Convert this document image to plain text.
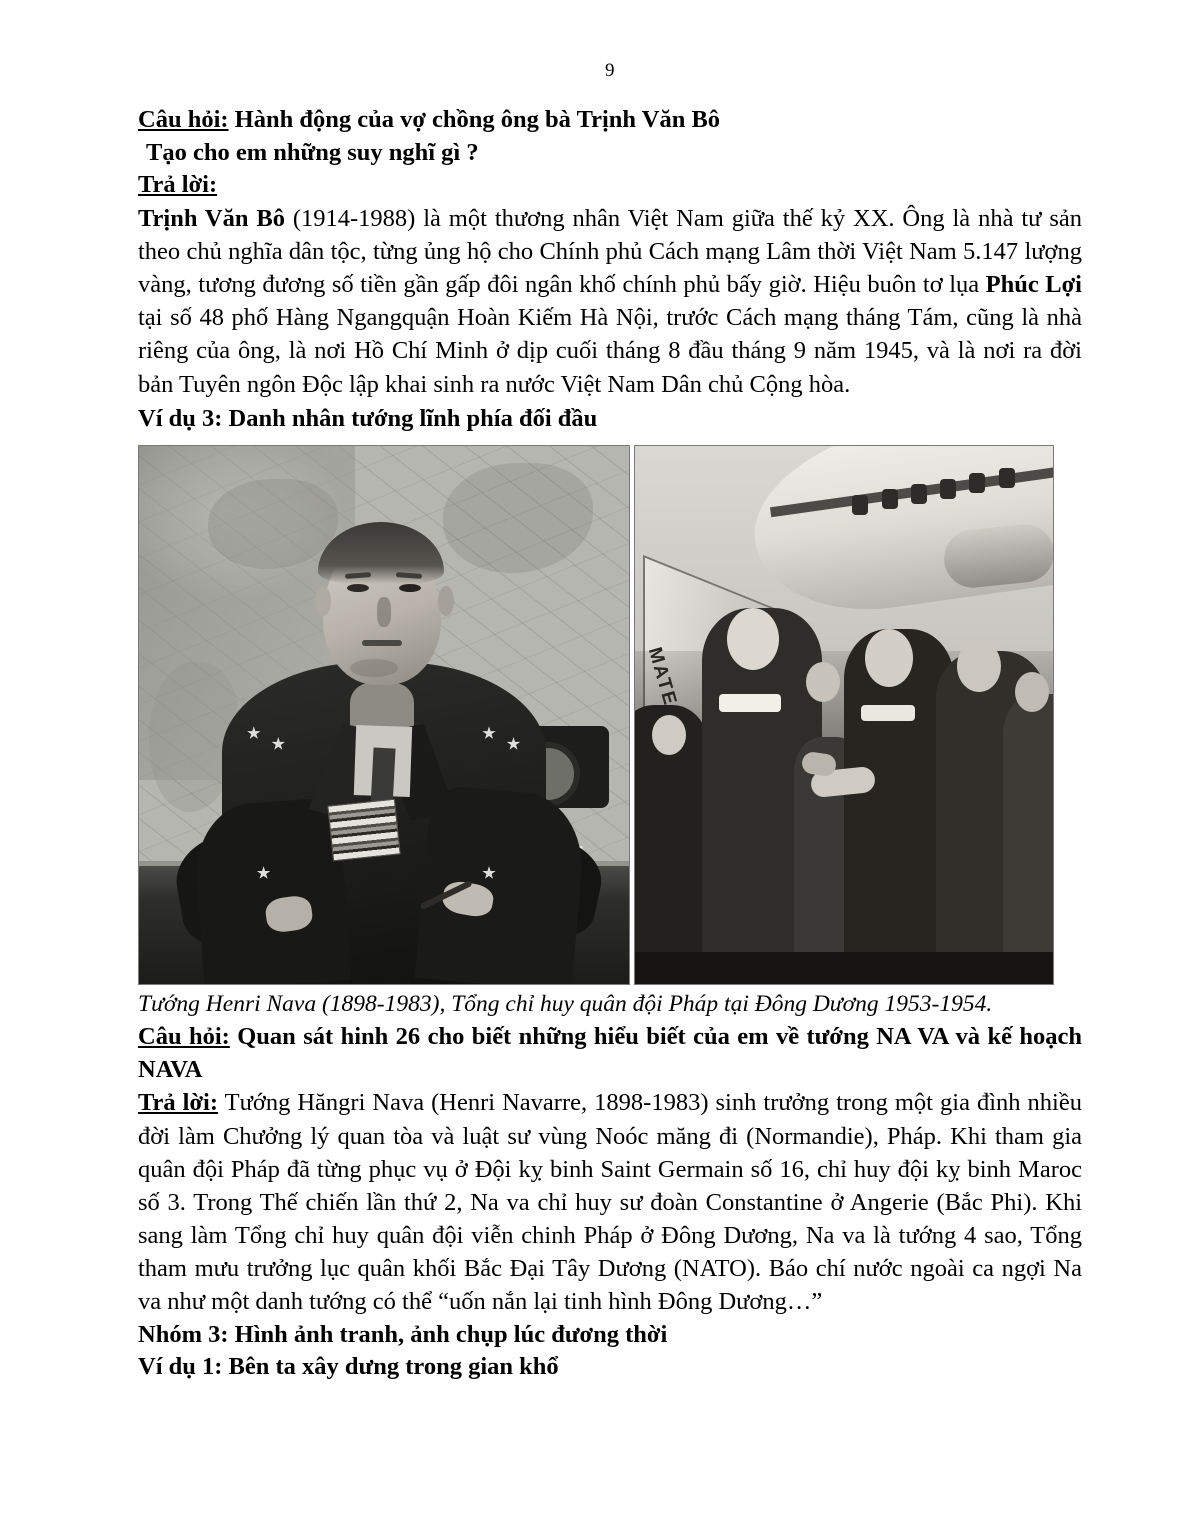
9

Câu hỏi: Hành động của vợ chồng ông bà Trịnh Văn Bô

Tạo cho em những suy nghĩ gì ?

Trả lời:

Trịnh Văn Bô (1914-1988) là một thương nhân Việt Nam giữa thế kỷ XX. Ông là nhà tư sản theo chủ nghĩa dân tộc, từng ủng hộ cho Chính phủ Cách mạng Lâm thời Việt Nam 5.147 lượng vàng, tương đương số tiền gần gấp đôi ngân khố chính phủ bấy giờ. Hiệu buôn tơ lụa Phúc Lợi tại số 48 phố Hàng Ngangquận Hoàn Kiếm Hà Nội, trước Cách mạng tháng Tám, cũng là nhà riêng của ông, là nơi Hồ Chí Minh ở dịp cuối tháng 8 đầu tháng 9 năm 1945, và là nơi ra đời bản Tuyên ngôn Độc lập khai sinh ra nước Việt Nam Dân chủ Cộng hòa.

Ví dụ 3: Danh nhân tướng lĩnh phía đối đầu

Tướng Henri Nava (1898-1983), Tổng chỉ huy quân đội Pháp tại Đông Dương 1953-1954.

Câu hỏi: Quan sát hinh 26 cho biết những hiểu biết của em về tướng NA VA và kế hoạch NAVA

Trả lời: Tướng Hăngri Nava (Henri Navarre, 1898-1983) sinh trưởng trong một gia đình nhiều đời làm Chưởng lý quan tòa và luật sư vùng Noóc măng đi (Normandie), Pháp. Khi tham gia quân đội Pháp đã từng phục vụ ở Đội kỵ binh Saint Germain số 16, chỉ huy đội kỵ binh Maroc số 3. Trong Thế chiến lần thứ 2, Na va chỉ huy sư đoàn Constantine ở Angerie (Bắc Phi). Khi sang làm Tổng chỉ huy quân đội viễn chinh Pháp ở Đông Dương, Na va là tướng 4 sao, Tổng tham mưu trưởng lục quân khối Bắc Đại Tây Dương (NATO). Báo chí nước ngoài ca ngợi Na va như một danh tướng có thể “uốn nắn lại tinh hình Đông Dương…”

Nhóm 3: Hình ảnh tranh, ảnh chụp lúc đương thời

Ví dụ 1: Bên ta xây dưng trong gian khổ
